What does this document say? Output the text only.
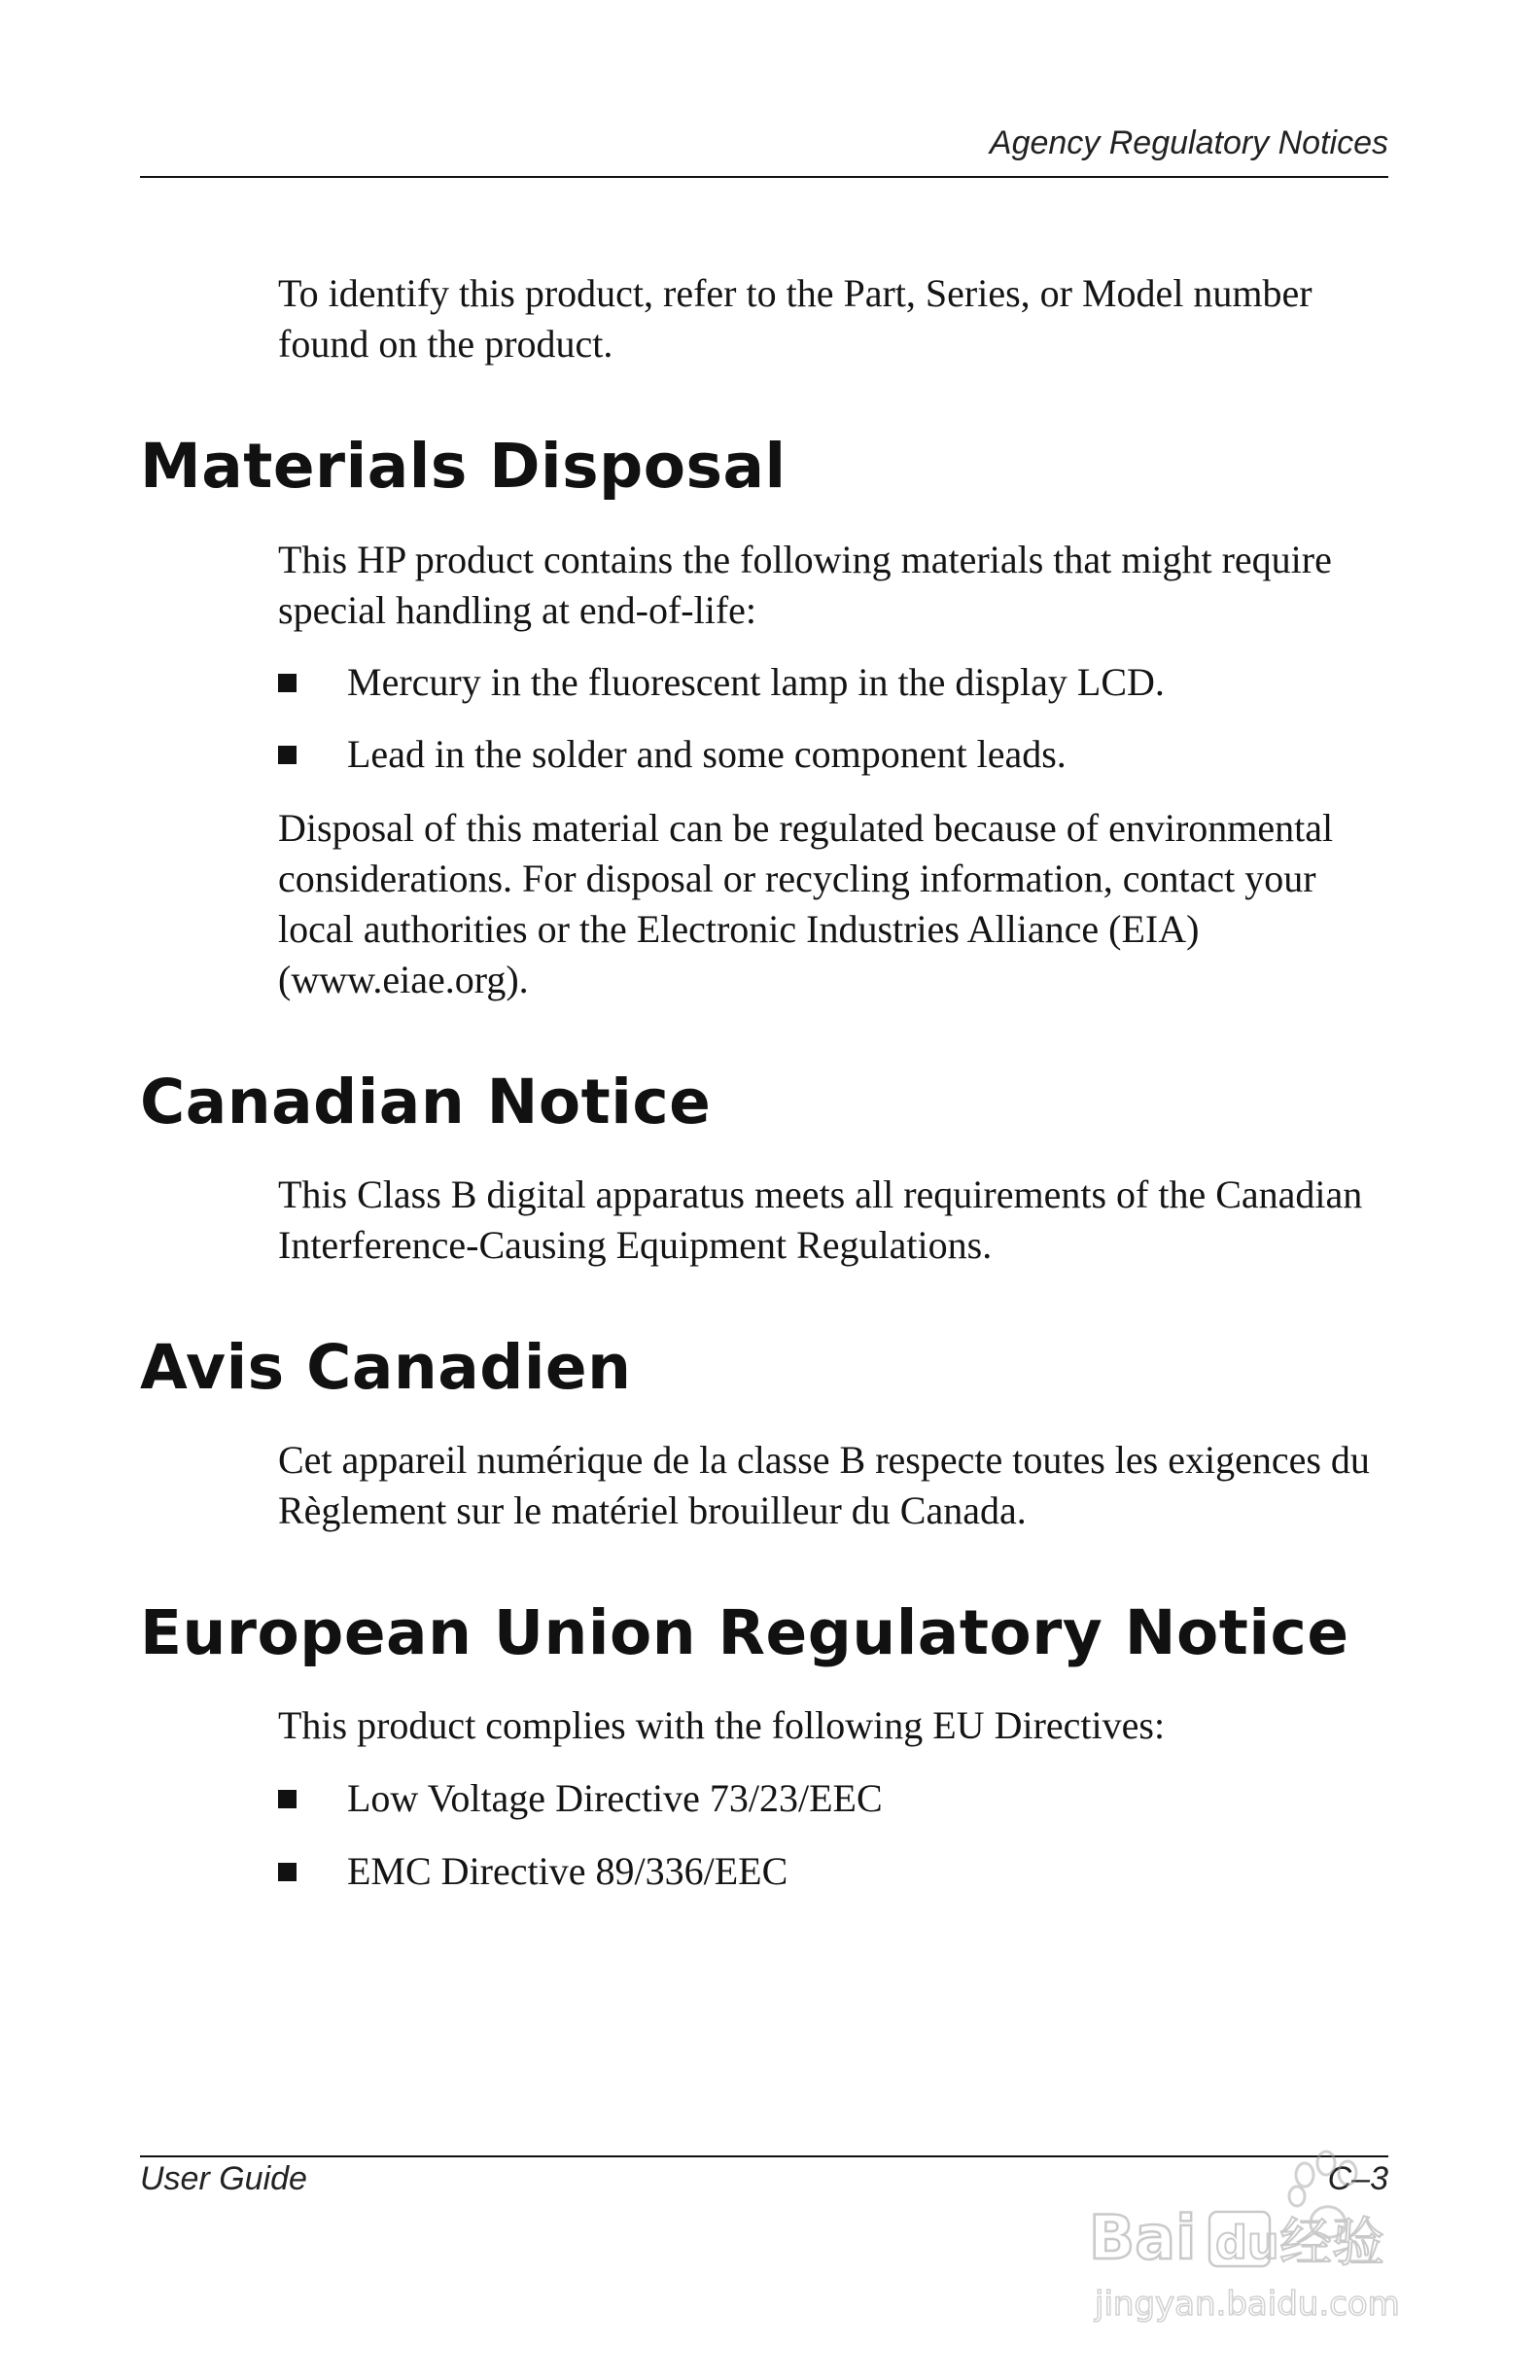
Agency Regulatory Notices

To identify this product, refer to the Part, Series, or Model number found on the product.

Materials Disposal

This HP product contains the following materials that might require special handling at end-of-life:

Mercury in the fluorescent lamp in the display LCD.
Lead in the solder and some component leads.

Disposal of this material can be regulated because of environmental considerations. For disposal or recycling information, contact your local authorities or the Electronic Industries Alliance (EIA) (www.eiae.org).

Canadian Notice

This Class B digital apparatus meets all requirements of the Canadian Interference-Causing Equipment Regulations.

Avis Canadien

Cet appareil numérique de la classe B respecte toutes les exigences du Règlement sur le matériel brouilleur du Canada.

European Union Regulatory Notice

This product complies with the following EU Directives:

Low Voltage Directive 73/23/EEC
EMC Directive 89/336/EEC
User Guide	C–3
Bai du 经验
jingyan.baidu.com
